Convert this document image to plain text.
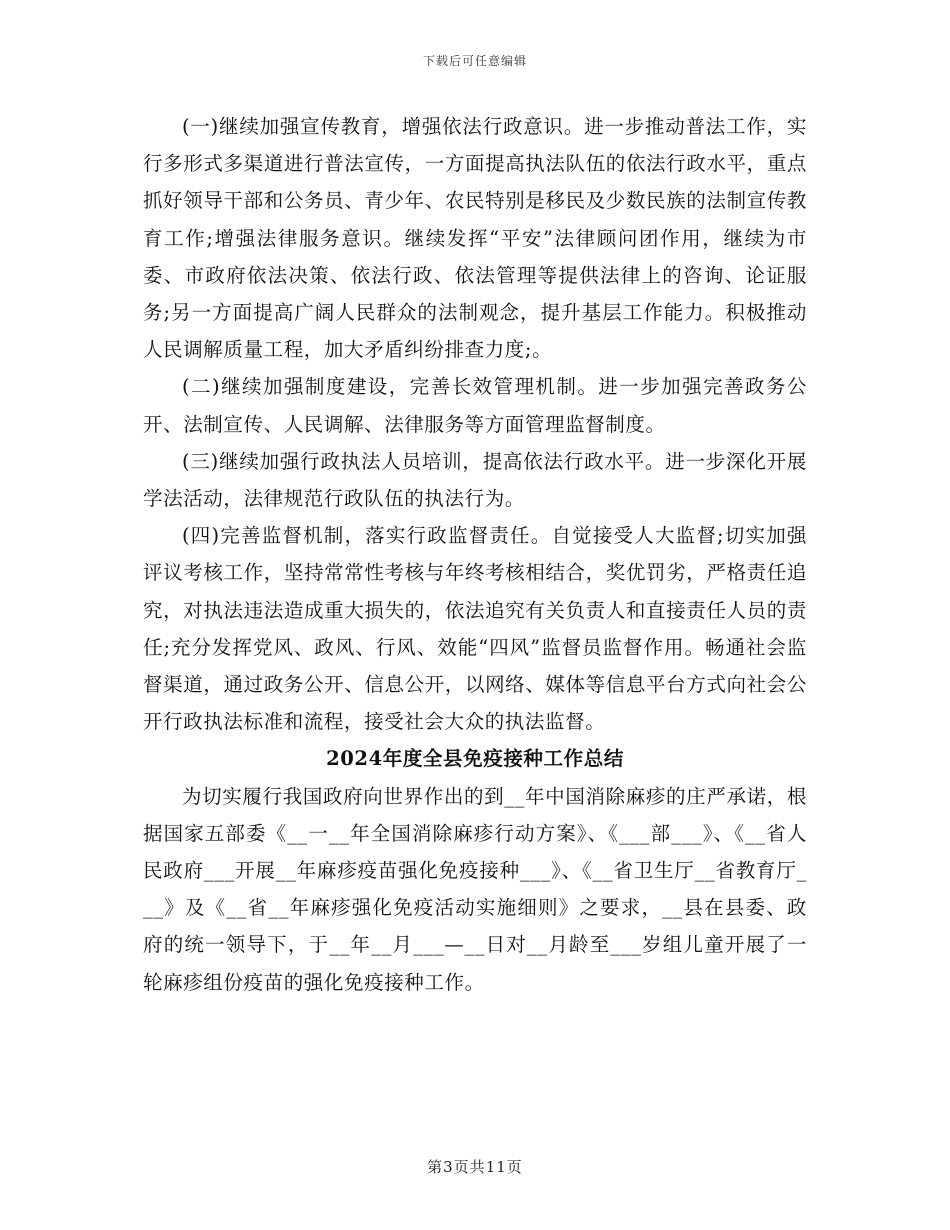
下载后可任意编辑

(一)继续加强宣传教育，增强依法行政意识。进一步推动普法工作，实行多形式多渠道进行普法宣传，一方面提高执法队伍的依法行政水平，重点抓好领导干部和公务员、青少年、农民特别是移民及少数民族的法制宣传教育工作;增强法律服务意识。继续发挥“平安”法律顾问团作用，继续为市委、市政府依法决策、依法行政、依法管理等提供法律上的咨询、论证服务;另一方面提高广阔人民群众的法制观念，提升基层工作能力。积极推动人民调解质量工程，加大矛盾纠纷排查力度;。

(二)继续加强制度建设，完善长效管理机制。进一步加强完善政务公开、法制宣传、人民调解、法律服务等方面管理监督制度。

(三)继续加强行政执法人员培训，提高依法行政水平。进一步深化开展学法活动，法律规范行政队伍的执法行为。

(四)完善监督机制，落实行政监督责任。自觉接受人大监督;切实加强评议考核工作，坚持常常性考核与年终考核相结合，奖优罚劣，严格责任追究，对执法违法造成重大损失的，依法追究有关负责人和直接责任人员的责任;充分发挥党风、政风、行风、效能“四风”监督员监督作用。畅通社会监督渠道，通过政务公开、信息公开，以网络、媒体等信息平台方式向社会公开行政执法标准和流程，接受社会大众的执法监督。

2024年度全县免疫接种工作总结

为切实履行我国政府向世界作出的到__年中国消除麻疹的庄严承诺，根据国家五部委《__一__年全国消除麻疹行动方案》、《___部___》、《__省人民政府___开展__年麻疹疫苗强化免疫接种___》、《__省卫生厅__省教育厅___》及《__省__年麻疹强化免疫活动实施细则》之要求，__县在县委、政府的统一领导下，于__年__月___—__日对__月龄至___岁组儿童开展了一轮麻疹组份疫苗的强化免疫接种工作。

第3页共11页
